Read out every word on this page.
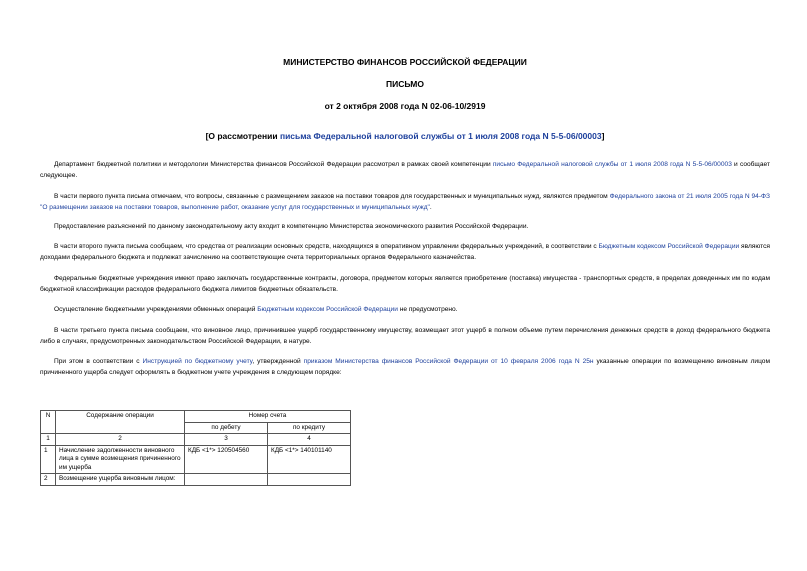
МИНИСТЕРСТВО ФИНАНСОВ РОССИЙСКОЙ ФЕДЕРАЦИИ
ПИСЬМО
от 2 октября 2008 года N 02-06-10/2919
[О рассмотрении письма Федеральной налоговой службы от 1 июля 2008 года N 5-5-06/00003]

Департамент бюджетной политики и методологии Министерства финансов Российской Федерации рассмотрел в рамках своей компетенции письмо Федеральной налоговой службы от 1 июля 2008 года N 5-5-06/00003 и сообщает следующее.

В части первого пункта письма отмечаем, что вопросы, связанные с размещением заказов на поставки товаров для государственных и муниципальных нужд, являются предметом Федерального закона от 21 июля 2005 года N 94-ФЗ "О размещении заказов на поставки товаров, выполнение работ, оказание услуг для государственных и муниципальных нужд".

Предоставление разъяснений по данному законодательному акту входит в компетенцию Министерства экономического развития Российской Федерации.

В части второго пункта письма сообщаем, что средства от реализации основных средств, находящихся в оперативном управлении федеральных учреждений, в соответствии с Бюджетным кодексом Российской Федерации являются доходами федерального бюджета и подлежат зачислению на соответствующие счета территориальных органов Федерального казначейства.

Федеральные бюджетные учреждения имеют право заключать государственные контракты, договора, предметом которых является приобретение (поставка) имущества - транспортных средств, в пределах доведенных им по кодам бюджетной классификации расходов федерального бюджета лимитов бюджетных обязательств.

Осуществление бюджетными учреждениями обменных операций Бюджетным кодексом Российской Федерации не предусмотрено.

В части третьего пункта письма сообщаем, что виновное лицо, причинившее ущерб государственному имуществу, возмещает этот ущерб в полном объеме путем перечисления денежных средств в доход федерального бюджета либо в случаях, предусмотренных законодательством Российской Федерации, в натуре.

При этом в соответствии с Инструкцией по бюджетному учету, утвержденной приказом Министерства финансов Российской Федерации от 10 февраля 2006 года N 25н указанные операции по возмещению виновным лицом причиненного ущерба следует оформлять в бюджетном учете учреждения в следующем порядке:

N	Содержание операции	Номер счета	
		по дебету	по кредиту
1	2	3	4
1	Начисление задолженности виновного лица в сумме возмещения причиненного им ущерба	КДБ <1*> 120504560	КДБ <1*> 140101140
2	Возмещение ущерба виновным лицом:		
